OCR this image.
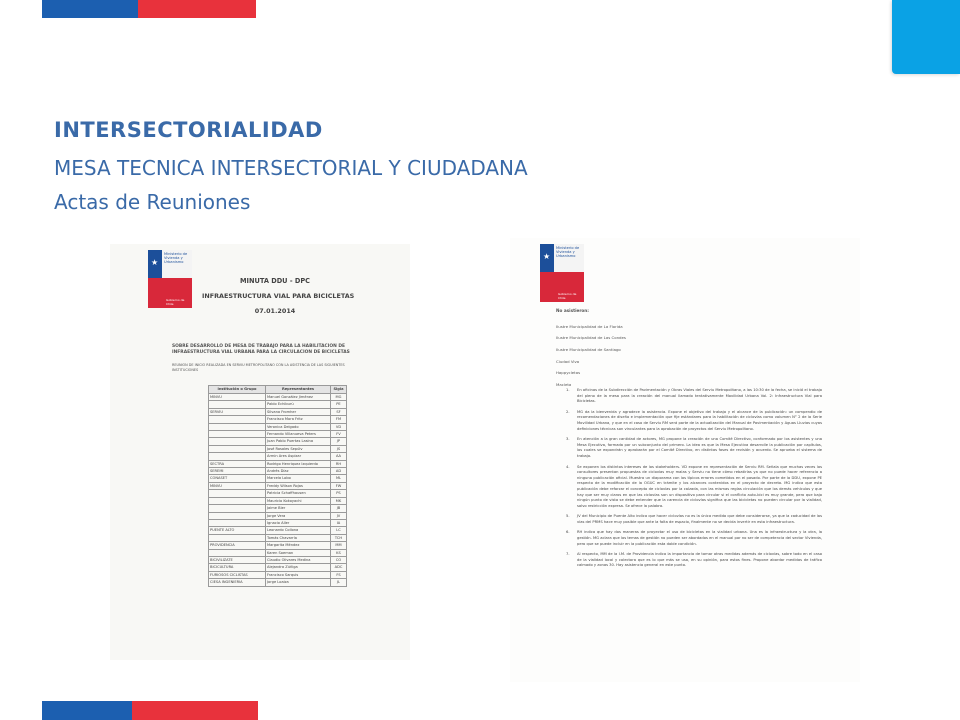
INTERSECTORIALIDAD
MESA TECNICA INTERSECTORIAL Y CIUDADANA
Actas de Reuniones
★
Ministerio de
Vivienda y
Urbanismo
Gobierno de Chile
MINUTA DDU - DPC
INFRAESTRUCTURA VIAL PARA BICICLETAS
07.01.2014
SOBRE DESARROLLO DE MESA DE TRABAJO PARA LA HABILITACION DE
INFRAESTRUCTURA VIAL URBANA PARA LA CIRCULACION DE BICICLETAS
REUNION DE INICIO REALIZADA EN SERVIU METROPOLITANO CON LA ASISTENCIA DE LAS SIGUIENTES
INSTITUCIONES
Institución o Grupo	Representantes	Sigla
MINVU	Manuel González Jiménez	MG
	Pablo Echiburú	PE
SERVIU	Silvana Fromher	SF
	Francisco Mora Fritz	FM
	Veronica Delgado	VD
	Fernando Villanueva Peters	FV
	Juan Pablo Puertas Lasina	JP
	José Rosales Sepúlv	JS
	Armin Ares Aspizar	AA
SECTRA	Rodrigo Henriquez Izquierdo	RH
SEREMI	Andrés Díaz	AD
CONASET	Marcela Lobo	ML
MINVU	Freddy Wilson Rojas	FW
	Patricia Schaffhausen	PS
	Mauricio Kokoyachi	MK
	Jaime Bier	JB
	Jorge Vera	JV
	Ignacio Aller	IA
PUENTE ALTO	Leonardo Collona	LC
	Tomás Chavarría	TCH
PROVIDENCIA	Margarita Méndez	MM
	Karen Soeman	KS
BICIVILIZATE	Claudio Olivares Medina	CO
BICICULTURA	Alejandra Zúñiga	ADC
FURIOSOS CICLISTAS	Francisco Sarquis	FS
CIESA INGENIERIA	Jorge Loaiza	JL
★
Ministerio de
Vivienda y
Urbanismo
Gobierno de Chile
No asistieron:

Ilustre Municipalidad de La Florida

Ilustre Municipalidad de Las Condes

Ilustre Municipalidad de Santiago

Ciudad Viva

Happycletas

Macleta

1. En oficinas de la Subdirección de Pavimentación y Obras Viales del Serviu Metropolitano, a las 10:30 de la fecha, se inició el trabajo del pleno de la mesa para la creación del manual llamado tentativamente Movilidad Urbana Vol. 2: Infraestructura Vial para Bicicletas.
2. MG da la bienvenida y agradece la asistencia. Expone el objetivo del trabajo y el alcance de la publicación: un compendio de recomendaciones de diseño e implementación que fije estándares para la habilitación de ciclovías como volumen N° 2 de la Serie Movilidad Urbana, y que en el caso de Serviu RM será parte de la actualización del Manual de Pavimentación y Aguas Lluvias cuyas definiciones técnicas son vinculantes para la aprobación de proyectos del Serviu Metropolitano.
3. En atención a la gran cantidad de actores, MG propone la creación de una Comité Directivo, conformado por los asistentes y una Mesa Ejecutiva, formada por un subconjunto del primero. La idea es que la Mesa Ejecutiva desarrolle la publicación por capítulos, los cuales se expondrán y aprobarán por el Comité Directivo, en distintas fases de revisión y acuerdo. Se aprueba el sistema de trabajo.
4. Se exponen los distintos intereses de los stakeholders. VD expone en representación de Serviu RM. Señala que muchas veces los consultores presentan propuestas de ciclovías muy malas y Serviu no tiene cómo rebatirlas ya que no puede hacer referencia a ninguna publicación oficial. Muestra un diaporama con los típicos errores cometidos en el pasado. Por parte de la DDU, expone PE respecto de la modificación de la OGUC en trámite y los alcances contenidos en el proyecto de decreto. MG indica que esta publicación debe reforzar el concepto de ciclovías por la calzada, con las mismas reglas circulación que los demás vehículos y que hay que ser muy claros en que las ciclovías son un dispositivo para circular si el conflicto auto-bici es muy grande, pero que bajo ningún punto de vista se debe entender que la carencia de ciclovías significa que las bicicletas no pueden circular por la vialidad, salvo restricción expresa. Se ofrece la palabra.
5. JV del Municipio de Puente Alto indica que hacer ciclovías no es la única medida que debe considerarse, ya que la caducidad de las vías del PRMS hace muy posible que ante la falta de espacio, finalmente no se decida invertir en esta infraestructura.
6. RH indica que hay dos maneras de proyectar el uso de bicicletas en la vialidad urbana. Una es la infraestructura y la otra, la gestión. MG aclara que los temas de gestión no pueden ser abordados en el manual por no ser de competencia del sector Vivienda, pero que se puede incluir en la publicación esta doble condición.
7. Al respecto, MM de la I.M. de Providencia indica la importancia de tomar otras medidas además de ciclovías, sobre todo en el caso de la vialidad local y colectora que es lo que más se usa, en su opinión, para estos fines. Propone abordar medidas de tráfico calmado y zonas 30. Hay asistencia general en este punto.
